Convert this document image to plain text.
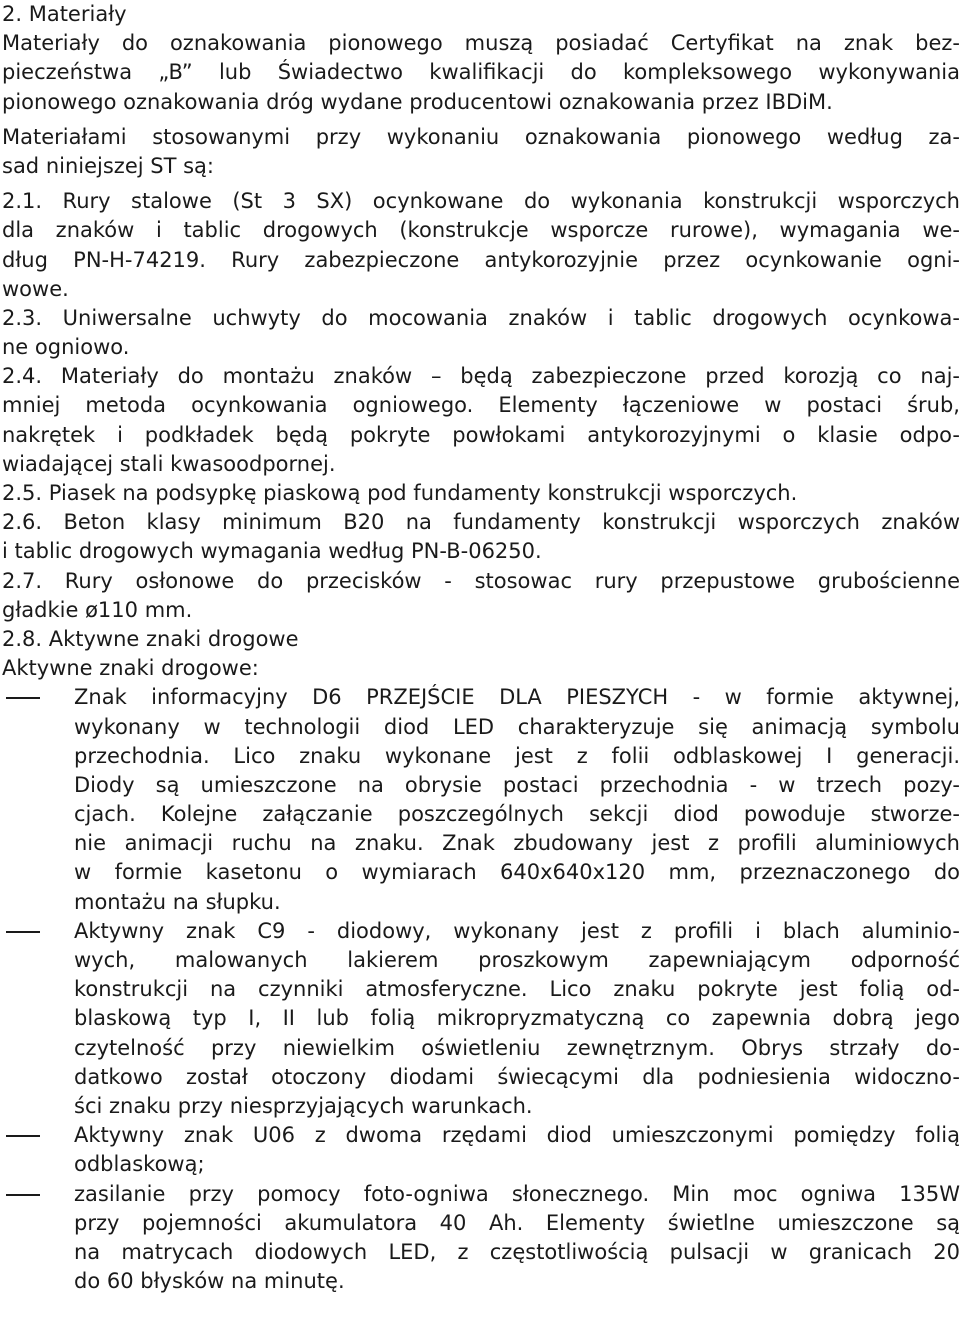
2. Materiały
Materiały do oznakowania pionowego muszą posiadać Certyfikat na znak bez-
pieczeństwa „B” lub Świadectwo kwalifikacji do kompleksowego wykonywania
pionowego oznakowania dróg wydane producentowi oznakowania przez IBDiM.
Materiałami stosowanymi przy wykonaniu oznakowania pionowego według za-
sad niniejszej ST są:
2.1. Rury stalowe (St 3 SX) ocynkowane do wykonania konstrukcji wsporczych
dla znaków i tablic drogowych (konstrukcje wsporcze rurowe), wymagania we-
dług PN-H-74219. Rury zabezpieczone antykorozyjnie przez ocynkowanie ogni-
wowe.
2.3. Uniwersalne uchwyty do mocowania znaków i tablic drogowych ocynkowa-
ne ogniowo.
2.4. Materiały do montażu znaków – będą zabezpieczone przed korozją co naj-
mniej metoda ocynkowania ogniowego. Elementy łączeniowe w postaci śrub,
nakrętek i podkładek będą pokryte powłokami antykorozyjnymi o klasie odpo-
wiadającej stali kwasoodpornej.
2.5. Piasek na podsypkę piaskową pod fundamenty konstrukcji wsporczych.
2.6. Beton klasy minimum B20 na fundamenty konstrukcji wsporczych znaków
i tablic drogowych wymagania według PN-B-06250.
2.7. Rury osłonowe do przecisków - stosowac rury przepustowe grubościenne
gładkie ø110 mm.
2.8. Aktywne znaki drogowe
Aktywne znaki drogowe:
Znak informacyjny D6 PRZEJŚCIE DLA PIESZYCH - w formie aktywnej,
wykonany w technologii diod LED charakteryzuje się animacją symbolu
przechodnia. Lico znaku wykonane jest z folii odblaskowej I generacji.
Diody są umieszczone na obrysie postaci przechodnia - w trzech pozy-
cjach. Kolejne załączanie poszczególnych sekcji diod powoduje stworze-
nie animacji ruchu na znaku. Znak zbudowany jest z profili aluminiowych
w formie kasetonu o wymiarach 640x640x120 mm, przeznaczonego do
montażu na słupku.
Aktywny znak C9 - diodowy, wykonany jest z profili i blach aluminio-
wych, malowanych lakierem proszkowym zapewniającym odporność
konstrukcji na czynniki atmosferyczne. Lico znaku pokryte jest folią od-
blaskową typ I, II lub folią mikropryzmatyczną co zapewnia dobrą jego
czytelność przy niewielkim oświetleniu zewnętrznym. Obrys strzały do-
datkowo został otoczony diodami świecącymi dla podniesienia widoczno-
ści znaku przy niesprzyjających warunkach.
Aktywny znak U06 z dwoma rzędami diod umieszczonymi pomiędzy folią
odblaskową;
zasilanie przy pomocy foto-ogniwa słonecznego. Min moc ogniwa 135W
przy pojemności akumulatora 40 Ah. Elementy świetlne umieszczone są
na matrycach diodowych LED, z częstotliwością pulsacji w granicach 20
do 60 błysków na minutę.
